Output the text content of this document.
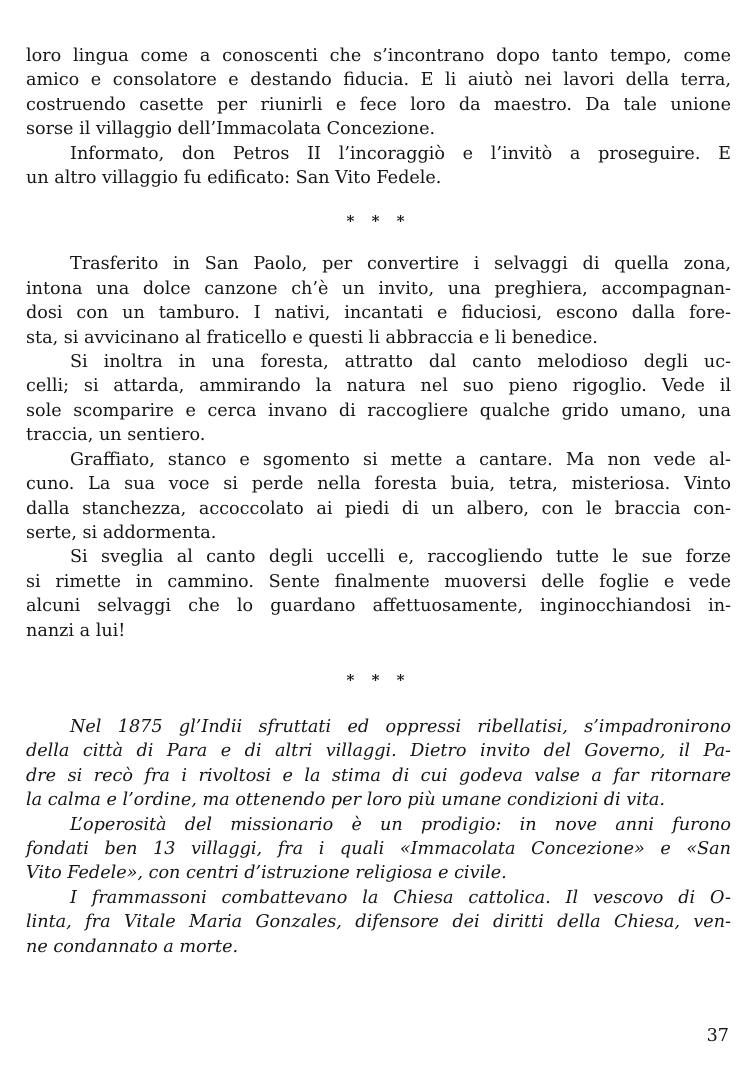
loro lingua come a conoscenti che s’incontrano dopo tanto tempo, come
amico e consolatore e destando fiducia. E li aiutò nei lavori della terra,
costruendo casette per riunirli e fece loro da maestro. Da tale unione
sorse il villaggio dell’Immacolata Concezione.

Informato, don Petros II l’incoraggiò e l’invitò a proseguire. E
un altro villaggio fu edificato: San Vito Fedele.

* * *

Trasferito in San Paolo, per convertire i selvaggi di quella zona,
intona una dolce canzone ch’è un invito, una preghiera, accompagnan-
dosi con un tamburo. I nativi, incantati e fiduciosi, escono dalla fore-
sta, si avvicinano al fraticello e questi li abbraccia e li benedice.

Si inoltra in una foresta, attratto dal canto melodioso degli uc-
celli; si attarda, ammirando la natura nel suo pieno rigoglio. Vede il
sole scomparire e cerca invano di raccogliere qualche grido umano, una
traccia, un sentiero.

Graffiato, stanco e sgomento si mette a cantare. Ma non vede al-
cuno. La sua voce si perde nella foresta buia, tetra, misteriosa. Vinto
dalla stanchezza, accoccolato ai piedi di un albero, con le braccia con-
serte, si addormenta.

Si sveglia al canto degli uccelli e, raccogliendo tutte le sue forze
si rimette in cammino. Sente finalmente muoversi delle foglie e vede
alcuni selvaggi che lo guardano affettuosamente, inginocchiandosi in-
nanzi a lui!

* * *

Nel 1875 gl’Indii sfruttati ed oppressi ribellatisi, s’impadronirono
della città di Para e di altri villaggi. Dietro invito del Governo, il Pa-
dre si recò fra i rivoltosi e la stima di cui godeva valse a far ritornare
la calma e l’ordine, ma ottenendo per loro più umane condizioni di vita.

L’operosità del missionario è un prodigio: in nove anni furono
fondati ben 13 villaggi, fra i quali «Immacolata Concezione» e «San
Vito Fedele», con centri d’istruzione religiosa e civile.

I frammassoni combattevano la Chiesa cattolica. Il vescovo di O-
linta, fra Vitale Maria Gonzales, difensore dei diritti della Chiesa, ven-
ne condannato a morte.

37
